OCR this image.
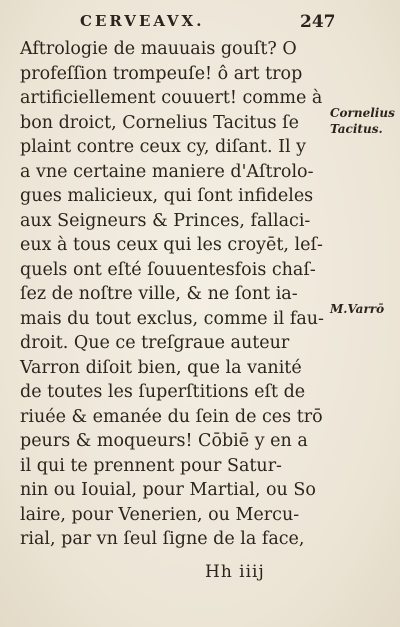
CERVEAVX.	247
Aftrologie de mauuais gouſt? O
profeſſion trompeuſe! ô art trop
artificiellement couuert! comme à
bon droict, Cornelius Tacitus ſe
plaint contre ceux cy, diſant. Il y
a vne certaine maniere d'Aſtrolo-
gues malicieux, qui ſont infideles
aux Seigneurs & Princes, fallaci-
eux à tous ceux qui les croyēt, leſ-
quels ont eſté ſouuentesfois chaſ-
ſez de noſtre ville, & ne ſont ia-
mais du tout exclus, comme il fau-
droit. Que ce treſgraue auteur
Varron diſoit bien, que la vanité
de toutes les ſuperſtitions eſt de
riuée & emanée du ſein de ces trō
peurs & moqueurs! Cōbiē y en a
il qui te prennent pour Satur-
nin ou Iouial, pour Martial, ou So
laire, pour Venerien, ou Mercu-
rial, par vn ſeul ſigne de la face,
Cornelius
Tacitus.
M.Varrō
Hh iiij
